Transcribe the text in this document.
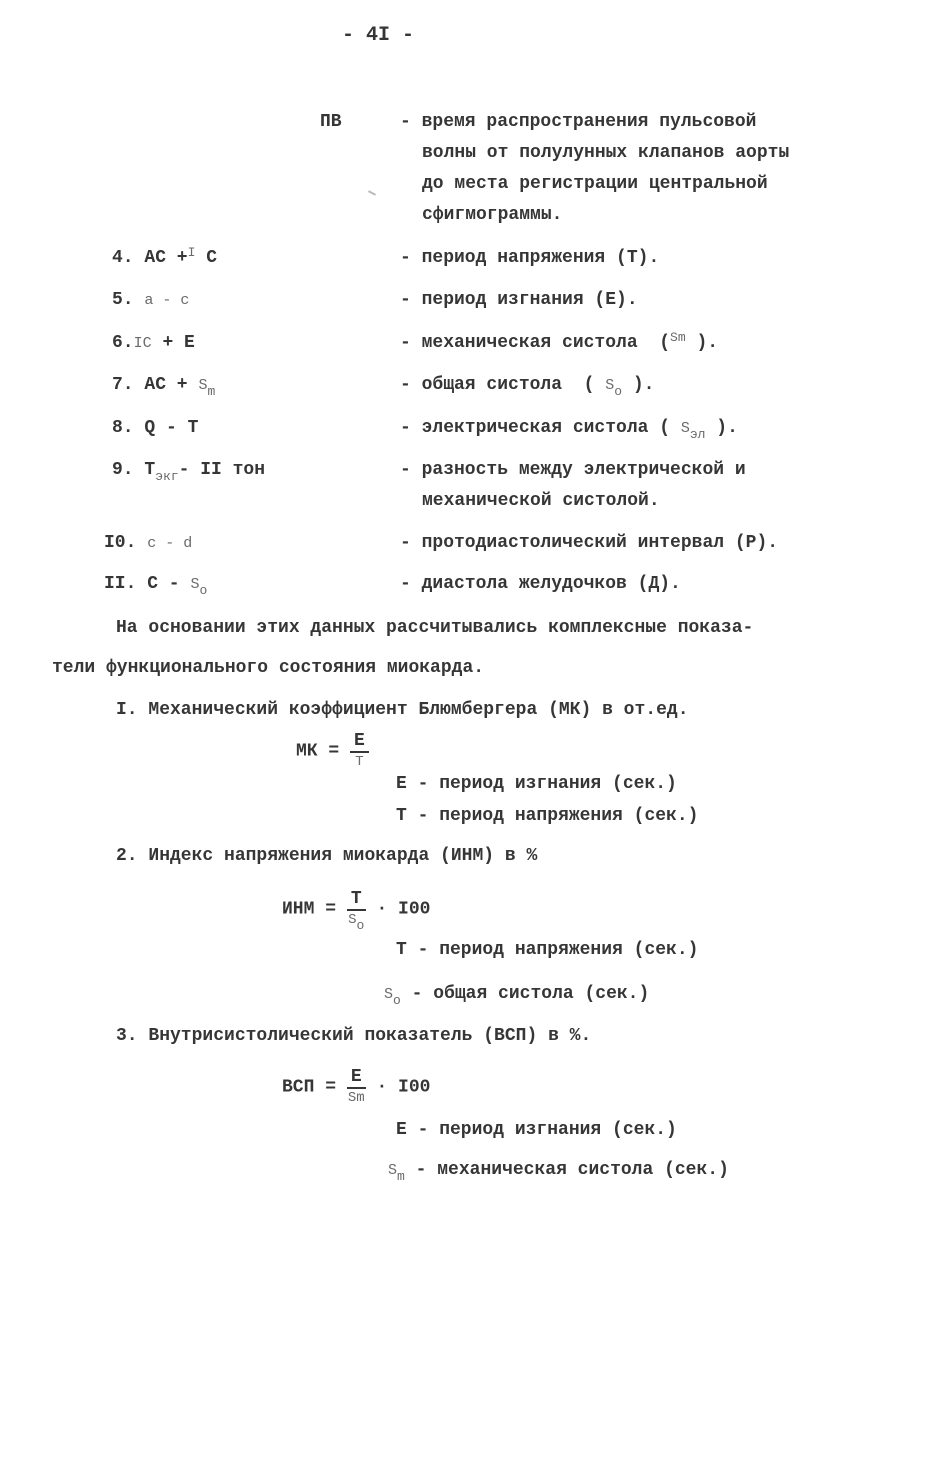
- 4I -
ПВ	- время распространения пульсовой
волны от полулунных клапанов аорты
до места регистрации центральной
сфигмограммы.
4. АС +$^I$ С	- период напряжения (Т).
5. а - с	- период изгнания (Е).
6.IС + Е	- механическая систола  ($^{Sm}$ ).
7. АС + $S_m$	- общая систола ( $S_o$ ).
8. Q - Т	- электрическая систола ( $S_{эл}$ ).
9. $Т_{экг}-$ II тон	- разность между электрической и
механической систолой.
I0. с - d	- протодиастолический интервал (Р).
II. С - $S_o$	- диастола желудочков (Д).
На основании этих данных рассчитывались комплексные показа-
тели функционального состояния миокарда.
I. Механический коэффициент Блюмбергера (МК) в от.ед.
МК = $\frac{Е}{Т}$
Е - период изгнания (сек.)
Т - период напряжения (сек.)
2. Индекс напряжения миокарда (ИНМ) в %
ИНМ = $\frac{Т}{So} \cdot I00$
Т - период напряжения (сек.)
$S_o$ - общая систола (сек.)
3. Внутрисистолический показатель (ВСП) в %.
ВСП = $\frac{Е}{Sm} \cdot I00$
Е - период изгнания (сек.)
$S_m$ - механическая систола (сек.)
